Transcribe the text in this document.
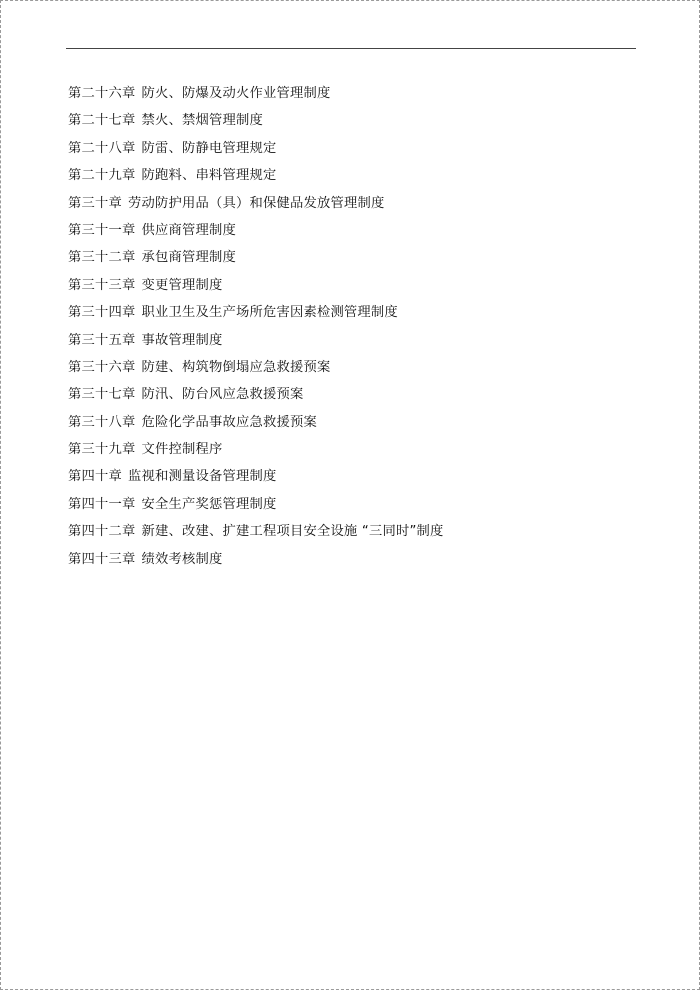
第二十六章 防火、防爆及动火作业管理制度
第二十七章 禁火、禁烟管理制度
第二十八章 防雷、防静电管理规定
第二十九章 防跑料、串料管理规定
第三十章 劳动防护用品（具）和保健品发放管理制度
第三十一章 供应商管理制度
第三十二章 承包商管理制度
第三十三章 变更管理制度
第三十四章 职业卫生及生产场所危害因素检测管理制度
第三十五章 事故管理制度
第三十六章 防建、构筑物倒塌应急救援预案
第三十七章 防汛、防台风应急救援预案
第三十八章 危险化学品事故应急救援预案
第三十九章 文件控制程序
第四十章 监视和测量设备管理制度
第四十一章 安全生产奖惩管理制度
第四十二章 新建、改建、扩建工程项目安全设施 “三同时”制度
第四十三章 绩效考核制度
